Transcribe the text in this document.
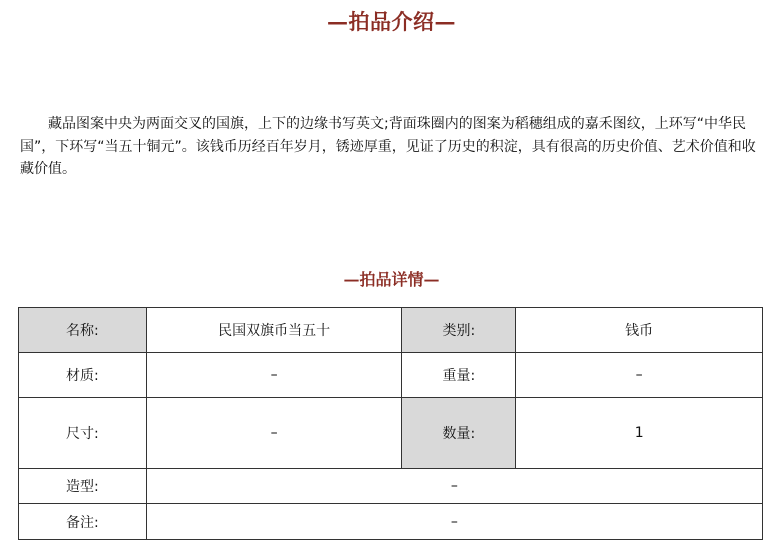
—拍品介绍—

藏品图案中央为两面交叉的国旗，上下的边缘书写英文;背面珠圈内的图案为稻穗组成的嘉禾图纹，上环写“中华民国”，下环写“当五十铜元”。该钱币历经百年岁月，锈迹厚重，见证了历史的积淀，具有很高的历史价值、艺术价值和收藏价值。

—拍品详情—
名称:	民国双旗币当五十	类别:	钱币
材质:	–	重量:	–
尺寸:	–	数量:	1
造型:	–		
备注:	–		
